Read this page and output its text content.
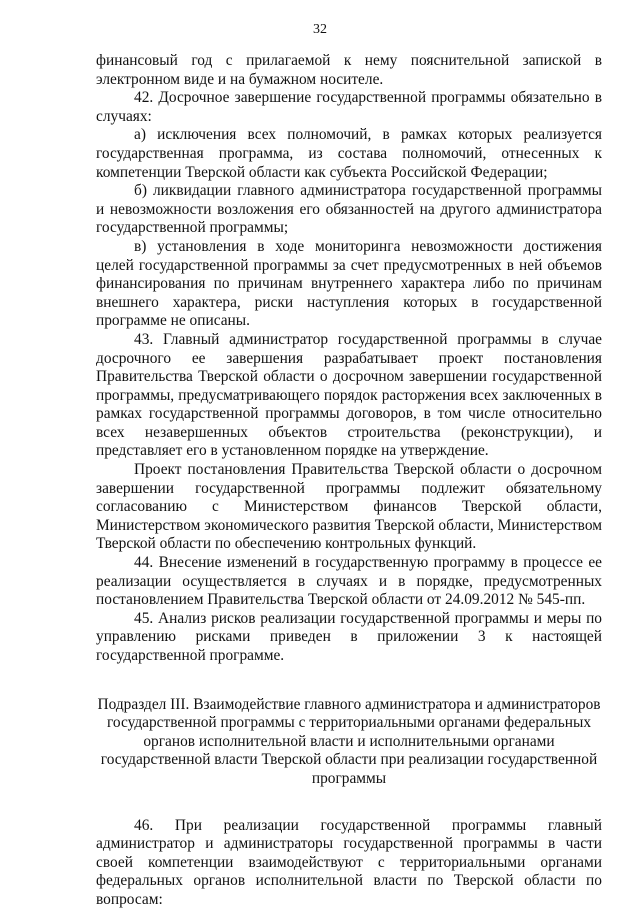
32

финансовый год с прилагаемой к нему пояснительной запиской в электронном виде и на бумажном носителе.

42. Досрочное завершение государственной программы обязательно в случаях:

а) исключения всех полномочий, в рамках которых реализуется государственная программа, из состава полномочий, отнесенных к компетенции Тверской области как субъекта Российской Федерации;

б) ликвидации главного администратора государственной программы и невозможности возложения его обязанностей на другого администратора государственной программы;

в) установления в ходе мониторинга невозможности достижения целей государственной программы за счет предусмотренных в ней объемов финансирования по причинам внутреннего характера либо по причинам внешнего характера, риски наступления которых в государственной программе не описаны.

43. Главный администратор государственной программы в случае досрочного ее завершения разрабатывает проект постановления Правительства Тверской области о досрочном завершении государственной программы, предусматривающего порядок расторжения всех заключенных в рамках государственной программы договоров, в том числе относительно всех незавершенных объектов строительства (реконструкции), и представляет его в установленном порядке на утверждение.

Проект постановления Правительства Тверской области о досрочном завершении государственной программы подлежит обязательному согласованию с Министерством финансов Тверской области, Министерством экономического развития Тверской области, Министерством Тверской области по обеспечению контрольных функций.

44. Внесение изменений в государственную программу в процессе ее реализации осуществляется в случаях и в порядке, предусмотренных постановлением Правительства Тверской области от 24.09.2012 № 545-пп.

45. Анализ рисков реализации государственной программы и меры по управлению рисками приведен в приложении 3 к настоящей государственной программе.

Подраздел III. Взаимодействие главного администратора и администраторов государственной программы с территориальными органами федеральных органов исполнительной власти и исполнительными органами государственной власти Тверской области при реализации государственной программы

46. При реализации государственной программы главный администратор и администраторы государственной программы в части своей компетенции взаимодействуют с территориальными органами федеральных органов исполнительной власти по Тверской области по вопросам:
